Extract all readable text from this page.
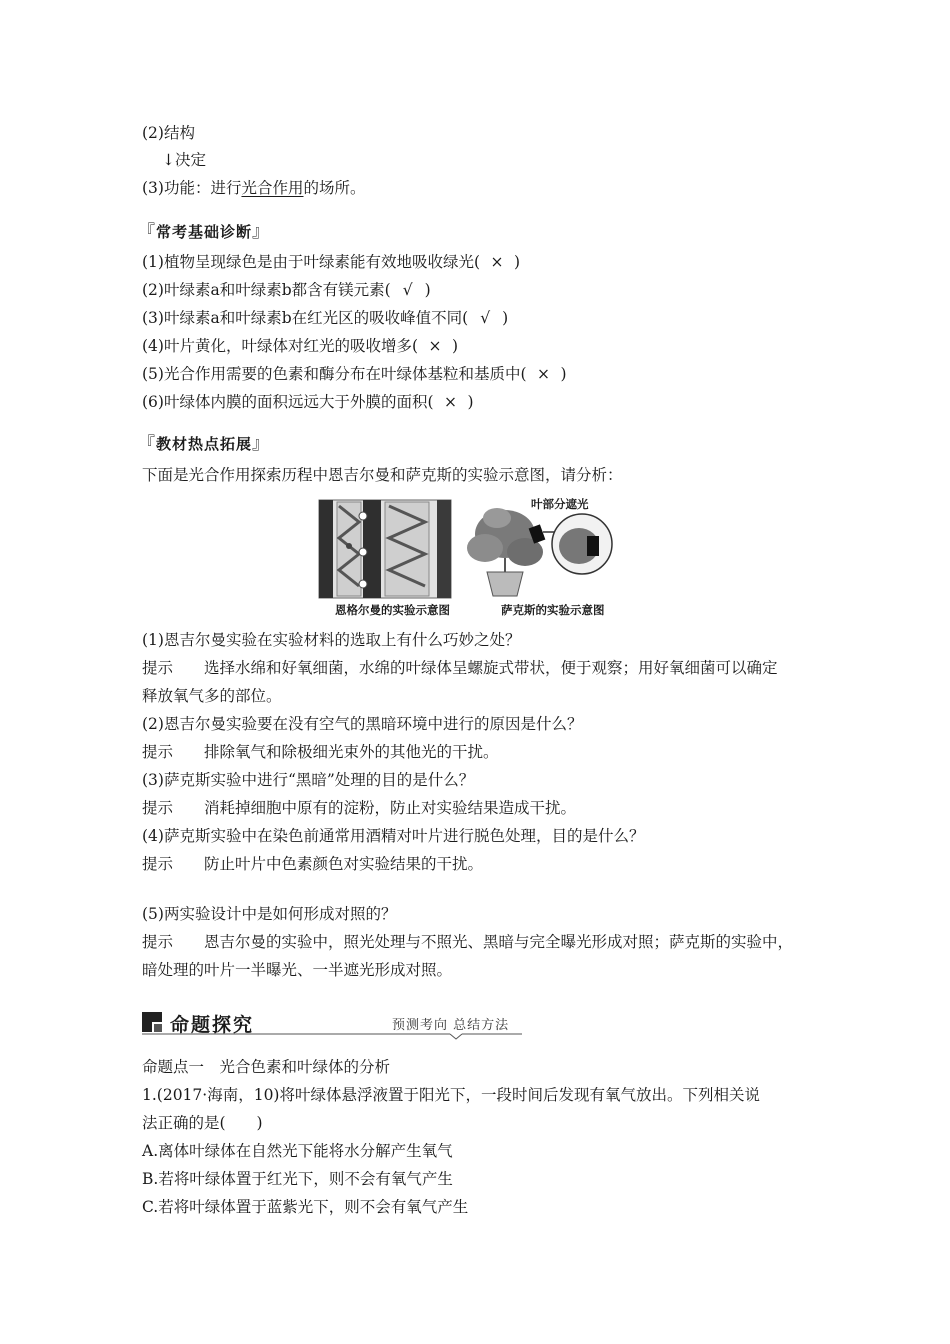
(2)结构
↓决定
(3)功能：进行光合作用的场所。
『常考基础诊断』
(1)植物呈现绿色是由于叶绿素能有效地吸收绿光( × )
(2)叶绿素a和叶绿素b都含有镁元素( √ )
(3)叶绿素a和叶绿素b在红光区的吸收峰值不同( √ )
(4)叶片黄化，叶绿体对红光的吸收增多( × )
(5)光合作用需要的色素和酶分布在叶绿体基粒和基质中( × )
(6)叶绿体内膜的面积远远大于外膜的面积( × )
『教材热点拓展』
下面是光合作用探索历程中恩吉尔曼和萨克斯的实验示意图，请分析：
叶部分遮光
恩格尔曼的实验示意图	萨克斯的实验示意图
(1)恩吉尔曼实验在实验材料的选取上有什么巧妙之处？
提示 选择水绵和好氧细菌，水绵的叶绿体呈螺旋式带状，便于观察；用好氧细菌可以确定
释放氧气多的部位。
(2)恩吉尔曼实验要在没有空气的黑暗环境中进行的原因是什么？
提示 排除氧气和除极细光束外的其他光的干扰。
(3)萨克斯实验中进行“黑暗”处理的目的是什么？
提示 消耗掉细胞中原有的淀粉，防止对实验结果造成干扰。
(4)萨克斯实验中在染色前通常用酒精对叶片进行脱色处理，目的是什么？
提示 防止叶片中色素颜色对实验结果的干扰。
(5)两实验设计中是如何形成对照的？
提示 恩吉尔曼的实验中，照光处理与不照光、黑暗与完全曝光形成对照；萨克斯的实验中，
暗处理的叶片一半曝光、一半遮光形成对照。
命题探究	预测考向 总结方法
命题点一　光合色素和叶绿体的分析
1.(2017·海南，10)将叶绿体悬浮液置于阳光下，一段时间后发现有氧气放出。下列相关说
法正确的是(　　)
A.离体叶绿体在自然光下能将水分解产生氧气
B.若将叶绿体置于红光下，则不会有氧气产生
C.若将叶绿体置于蓝紫光下，则不会有氧气产生
